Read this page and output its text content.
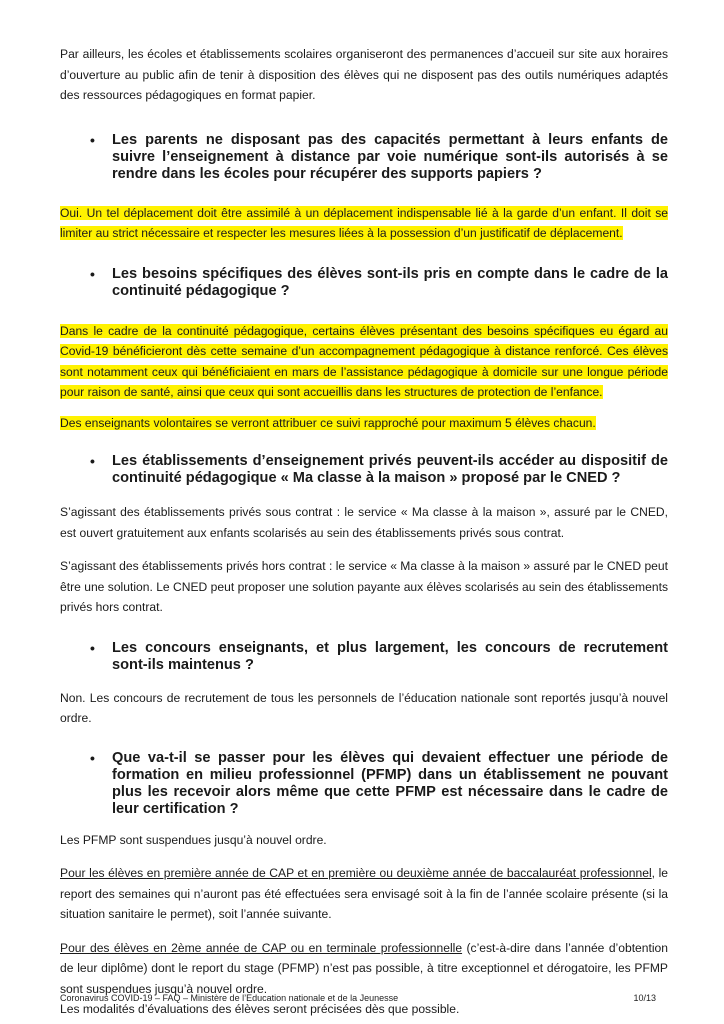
Par ailleurs, les écoles et établissements scolaires organiseront des permanences d’accueil sur site aux horaires d’ouverture au public afin de tenir à disposition des élèves qui ne disposent pas des outils numériques adaptés des ressources pédagogiques en format papier.

•	Les parents ne disposant pas des capacités permettant à leurs enfants de suivre l’enseignement à distance par voie numérique sont-ils autorisés à se rendre dans les écoles pour récupérer des supports papiers ?

Oui. Un tel déplacement doit être assimilé à un déplacement indispensable lié à la garde d’un enfant. Il doit se limiter au strict nécessaire et respecter les mesures liées à la possession d’un justificatif de déplacement.

•	Les besoins spécifiques des élèves sont-ils pris en compte dans le cadre de la continuité pédagogique ?

Dans le cadre de la continuité pédagogique, certains élèves présentant des besoins spécifiques eu égard au Covid-19 bénéficieront dès cette semaine d’un accompagnement pédagogique à distance renforcé. Ces élèves sont notamment ceux qui bénéficiaient en mars de l’assistance pédagogique à domicile sur une longue période pour raison de santé, ainsi que ceux qui sont accueillis dans les structures de protection de l’enfance.

Des enseignants volontaires se verront attribuer ce suivi rapproché pour maximum 5 élèves chacun.

•	Les établissements d’enseignement privés peuvent-ils accéder au dispositif de continuité pédagogique « Ma classe à la maison » proposé par le CNED ?

S’agissant des établissements privés sous contrat : le service « Ma classe à la maison », assuré par le CNED, est ouvert gratuitement aux enfants scolarisés au sein des établissements privés sous contrat.

S’agissant des établissements privés hors contrat : le service « Ma classe à la maison » assuré par le CNED peut être une solution. Le CNED peut proposer une solution payante aux élèves scolarisés au sein des établissements privés hors contrat.

•	Les concours enseignants, et plus largement, les concours de recrutement sont-ils maintenus ?

Non. Les concours de recrutement de tous les personnels de l’éducation nationale sont reportés jusqu’à nouvel ordre.

•	Que va-t-il se passer pour les élèves qui devaient effectuer une période de formation en milieu professionnel (PFMP) dans un établissement ne pouvant plus les recevoir alors même que cette PFMP est nécessaire dans le cadre de leur certification ?

Les PFMP sont suspendues jusqu’à nouvel ordre.

Pour les élèves en première année de CAP et en première ou deuxième année de baccalauréat professionnel, le report des semaines qui n’auront pas été effectuées sera envisagé soit à la fin de l’année scolaire présente (si la situation sanitaire le permet), soit l’année suivante.

Pour des élèves en 2ème année de CAP ou en terminale professionnelle (c’est-à-dire dans l’année d’obtention de leur diplôme) dont le report du stage (PFMP) n’est pas possible, à titre exceptionnel et dérogatoire, les PFMP sont suspendues jusqu’à nouvel ordre.

Les modalités d’évaluations des élèves seront précisées dès que possible.

Coronavirus COVID-19 – FAQ – Ministère de l’Education nationale et de la Jeunesse	10/13
